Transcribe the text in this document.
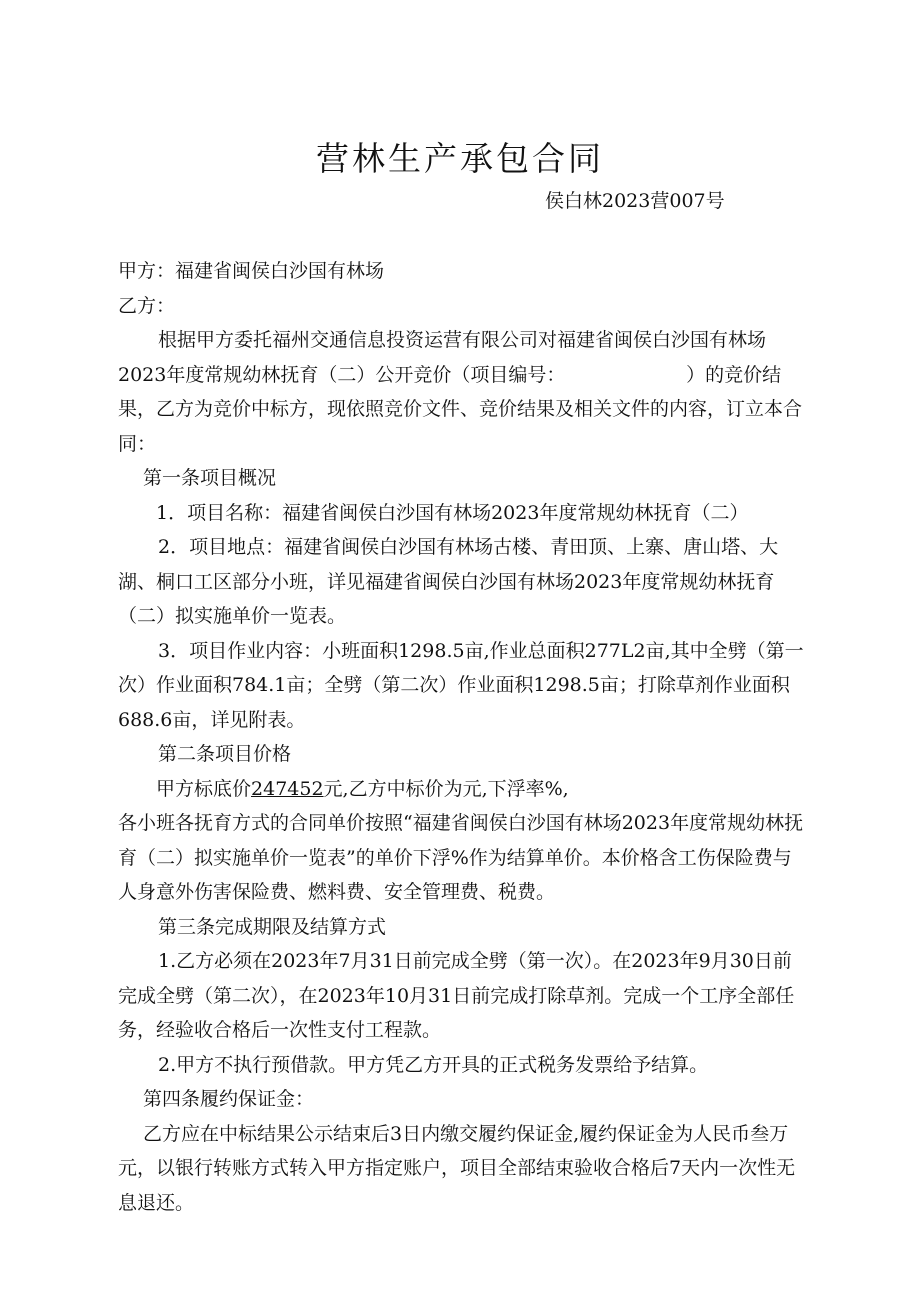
营林生产承包合同
侯白林2023营007号

甲方：福建省闽侯白沙国有林场

乙方：

根据甲方委托福州交通信息投资运营有限公司对福建省闽侯白沙国有林场2023年度常规幼林抚育（二）公开竞价（项目编号：                    ）的竞价结果，乙方为竞价中标方，现依照竞价文件、竞价结果及相关文件的内容，订立本合同：

第一条项目概况

1．项目名称：福建省闽侯白沙国有林场2023年度常规幼林抚育（二）

2．项目地点：福建省闽侯白沙国有林场古楼、青田顶、上寨、唐山塔、大湖、桐口工区部分小班，详见福建省闽侯白沙国有林场2023年度常规幼林抚育（二）拟实施单价一览表。

3．项目作业内容：小班面积1298.5亩,作业总面积277L2亩,其中全劈（第一次）作业面积784.1亩；全劈（第二次）作业面积1298.5亩；打除草剂作业面积688.6亩，详见附表。

第二条项目价格

甲方标底价247452元,乙方中标价为元,下浮率%,

各小班各抚育方式的合同单价按照“福建省闽侯白沙国有林场2023年度常规幼林抚育（二）拟实施单价一览表”的单价下浮%作为结算单价。本价格含工伤保险费与人身意外伤害保险费、燃料费、安全管理费、税费。

第三条完成期限及结算方式

1.乙方必须在2023年7月31日前完成全劈（第一次）。在2023年9月30日前完成全劈（第二次），在2023年10月31日前完成打除草剂。完成一个工序全部任务，经验收合格后一次性支付工程款。

2.甲方不执行预借款。甲方凭乙方开具的正式税务发票给予结算。

第四条履约保证金：

乙方应在中标结果公示结束后3日内缴交履约保证金,履约保证金为人民币叁万元，以银行转账方式转入甲方指定账户，项目全部结束验收合格后7天内一次性无息退还。
